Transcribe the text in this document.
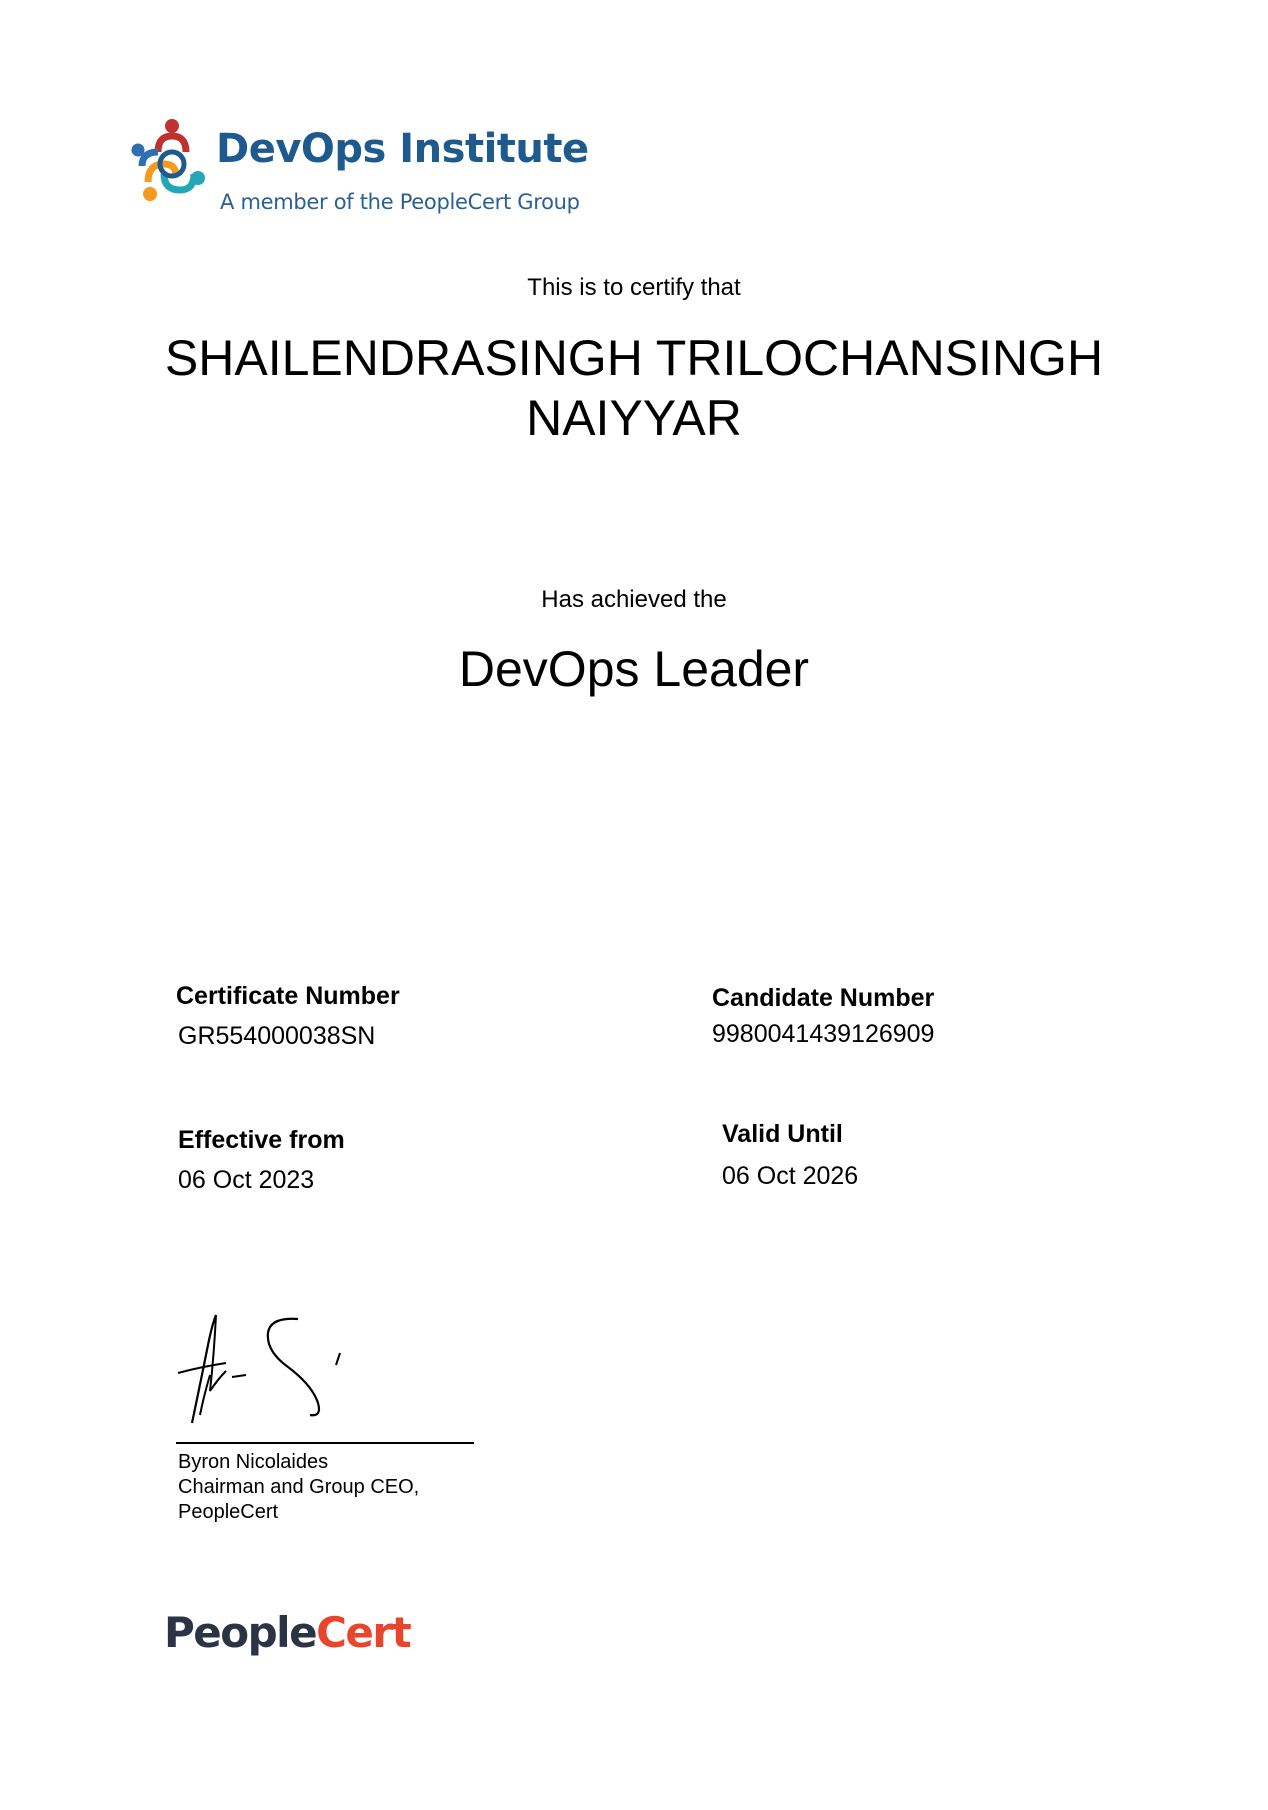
DevOps Institute
A member of the PeopleCert Group
This is to certify that
SHAILENDRASINGH TRILOCHANSINGH
NAIYYAR
Has achieved the
DevOps Leader
Certificate Number
GR554000038SN
Candidate Number
9980041439126909
Effective from
06 Oct 2023
Valid Until
06 Oct 2026
Byron Nicolaides
Chairman and Group CEO,
PeopleCert
PeopleCert
